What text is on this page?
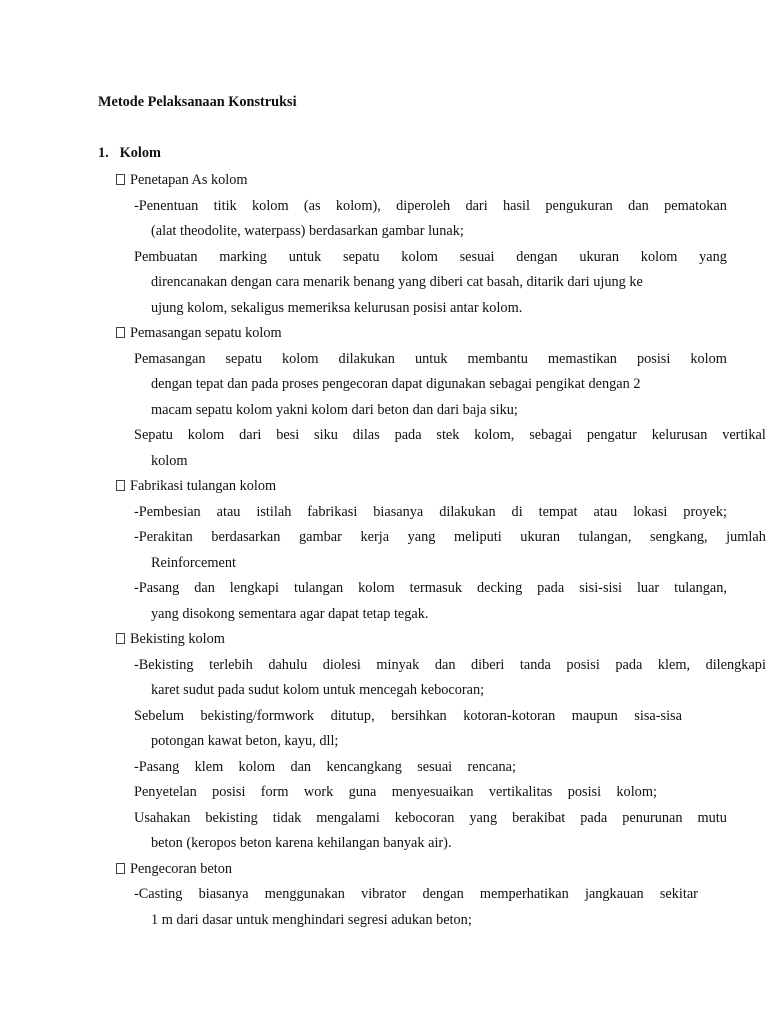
Metode Pelaksanaan Konstruksi
1. Kolom
Penetapan As kolom
-Penentuan titik kolom (as kolom), diperoleh dari hasil pengukuran dan pematokan
(alat theodolite, waterpass) berdasarkan gambar lunak;
Pembuatan marking untuk sepatu kolom sesuai dengan ukuran kolom yang
direncanakan dengan cara menarik benang yang diberi cat basah, ditarik dari ujung ke
ujung kolom, sekaligus memeriksa kelurusan posisi antar kolom.
Pemasangan sepatu kolom
Pemasangan sepatu kolom dilakukan untuk membantu memastikan posisi kolom
dengan tepat dan pada proses pengecoran dapat digunakan sebagai pengikat dengan 2
macam sepatu kolom yakni kolom dari beton dan dari baja siku;
Sepatu kolom dari besi siku dilas pada stek kolom, sebagai pengatur kelurusan vertikal
kolom
Fabrikasi tulangan kolom
-Pembesian atau istilah fabrikasi biasanya dilakukan di tempat atau lokasi proyek;
-Perakitan berdasarkan gambar kerja yang meliputi ukuran tulangan, sengkang, jumlah
Reinforcement
-Pasang dan lengkapi tulangan kolom termasuk decking pada sisi-sisi luar tulangan,
yang disokong sementara agar dapat tetap tegak.
Bekisting kolom
-Bekisting terlebih dahulu diolesi minyak dan diberi tanda posisi pada klem, dilengkapi
karet sudut pada sudut kolom untuk mencegah kebocoran;
Sebelum bekisting/formwork ditutup, bersihkan kotoran-kotoran maupun sisa-sisa
potongan kawat beton, kayu, dll;
-Pasang klem kolom dan kencangkang sesuai rencana;
Penyetelan posisi form work guna menyesuaikan vertikalitas posisi kolom;
Usahakan bekisting tidak mengalami kebocoran yang berakibat pada penurunan mutu
beton (keropos beton karena kehilangan banyak air).
Pengecoran beton
-Casting biasanya menggunakan vibrator dengan memperhatikan jangkauan sekitar
1 m dari dasar untuk menghindari segresi adukan beton;
